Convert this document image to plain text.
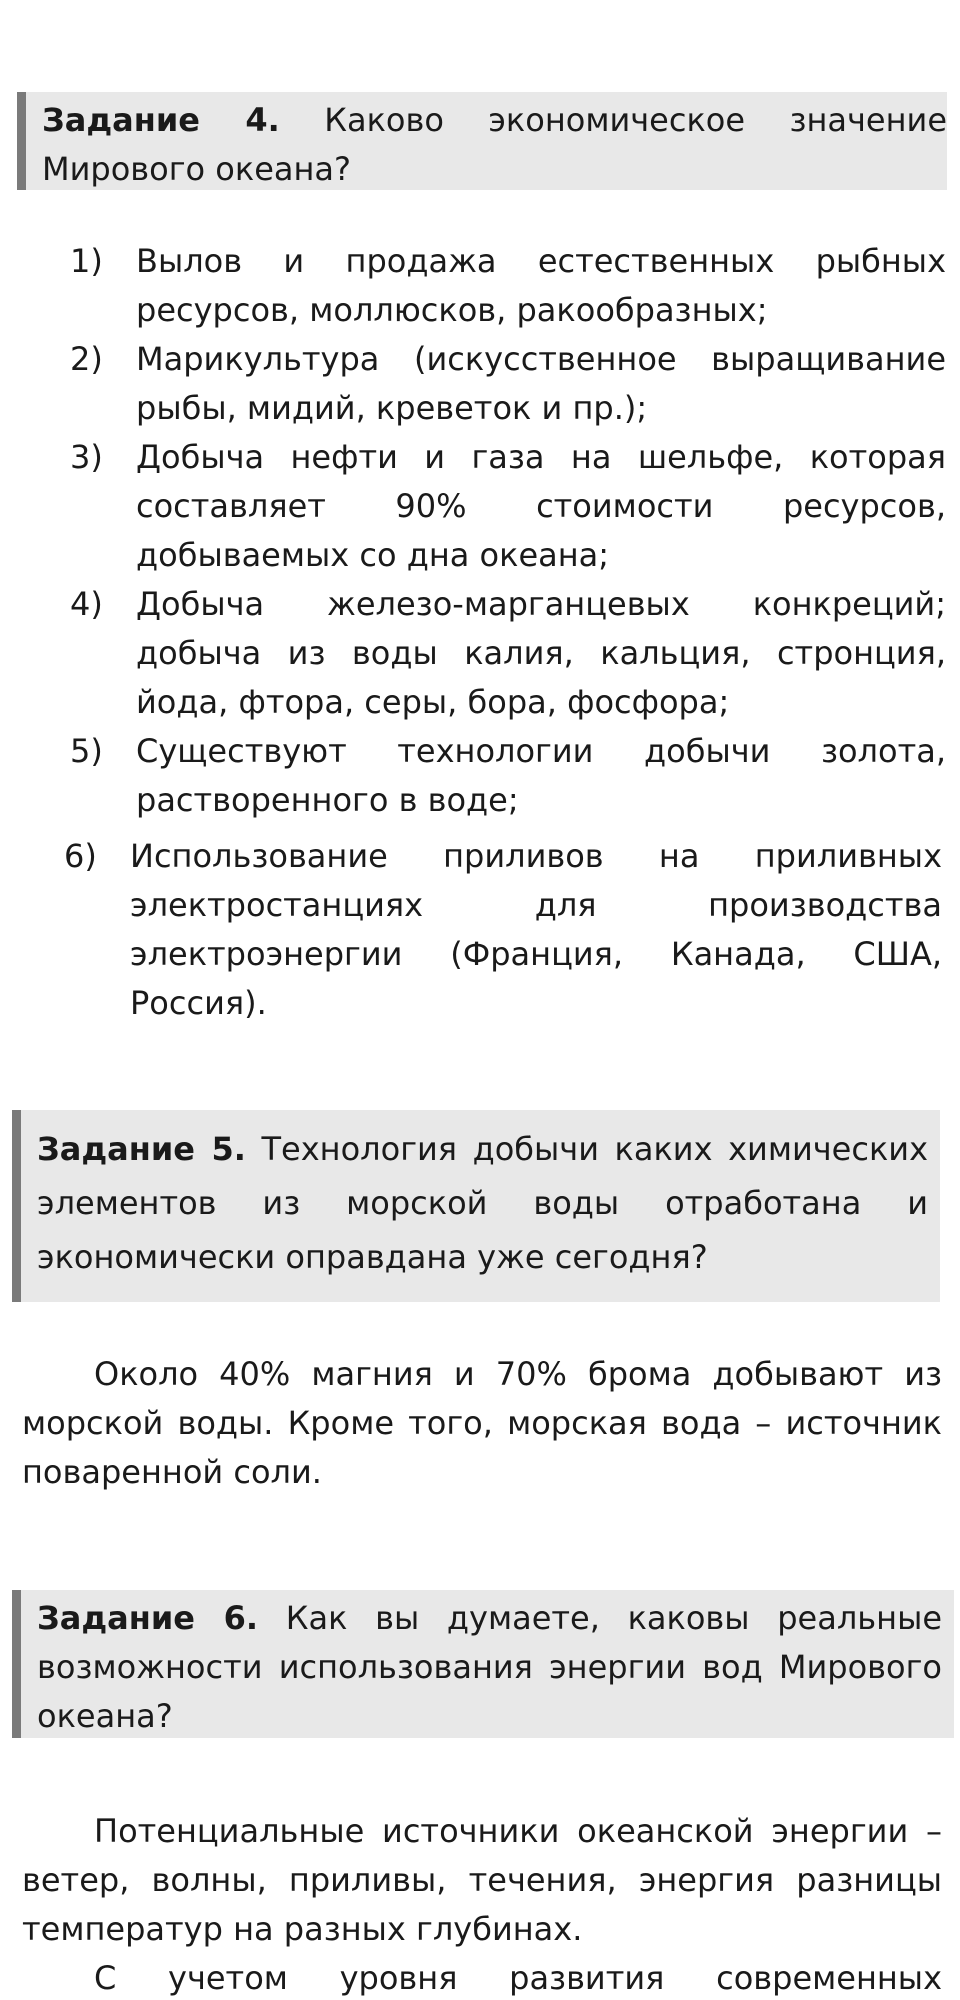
Задание 4. Каково экономическое значение Мирового океана?
1)	Вылов и продажа естественных рыбных ресурсов, моллюсков, ракообразных;
2)	Марикультура (искусственное выращивание рыбы, мидий, креветок и пр.);
3)	Добыча нефти и газа на шельфе, которая составляет 90% стоимости ресурсов, добываемых со дна океана;
4)	Добыча железо-марганцевых конкреций; добыча из воды калия, кальция, стронция, йода, фтора, серы, бора, фосфора;
5)	Существуют технологии добычи золота, растворенного в воде;
6)	Использование приливов на приливных электростанциях для производства электроэнергии (Франция, Канада, США, Россия).
Задание 5. Технология добычи каких химических элементов из морской воды отработана и экономически оправдана уже сегодня?

Около 40% магния и 70% брома добывают из морской воды. Кроме того, морская вода – источник поваренной соли.

Задание 6. Как вы думаете, каковы реальные возможности использования энергии вод Мирового океана?

Потенциальные источники океанской энергии – ветер, волны, приливы, течения, энергия разницы температур на разных глубинах.

С учетом уровня развития современных
